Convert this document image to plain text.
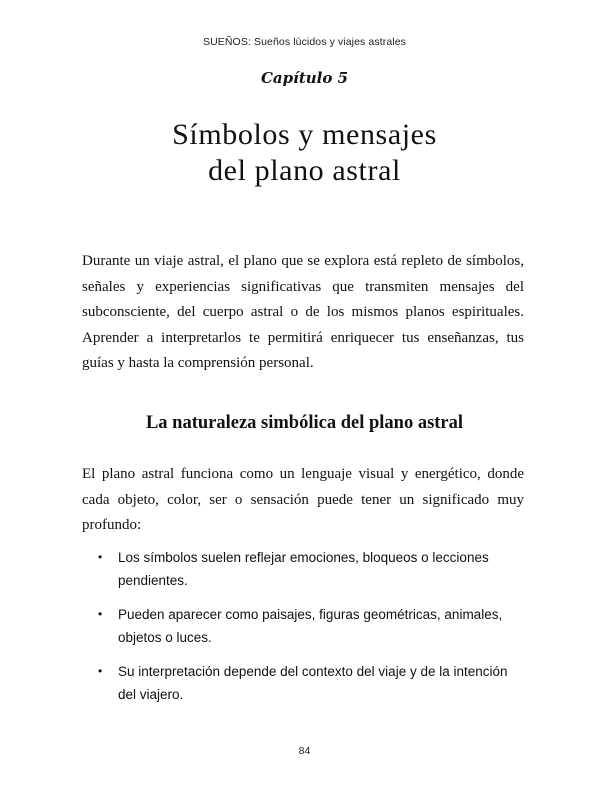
SUEÑOS: Sueños lúcidos y viajes astrales
Capítulo 5
Símbolos y mensajes
del plano astral

Durante un viaje astral, el plano que se explora está repleto de símbolos, señales y experiencias significativas que transmiten mensajes del subconsciente, del cuerpo astral o de los mismos planos espirituales. Aprender a interpretarlos te permitirá enriquecer tus enseñanzas, tus guías y hasta la comprensión personal.

La naturaleza simbólica del plano astral

El plano astral funciona como un lenguaje visual y energético, donde cada objeto, color, ser o sensación puede tener un significado muy profundo:

• Los símbolos suelen reflejar emociones, bloqueos o lecciones pendientes.
• Pueden aparecer como paisajes, figuras geométricas, animales, objetos o luces.
• Su interpretación depende del contexto del viaje y de la intención del viajero.
84
